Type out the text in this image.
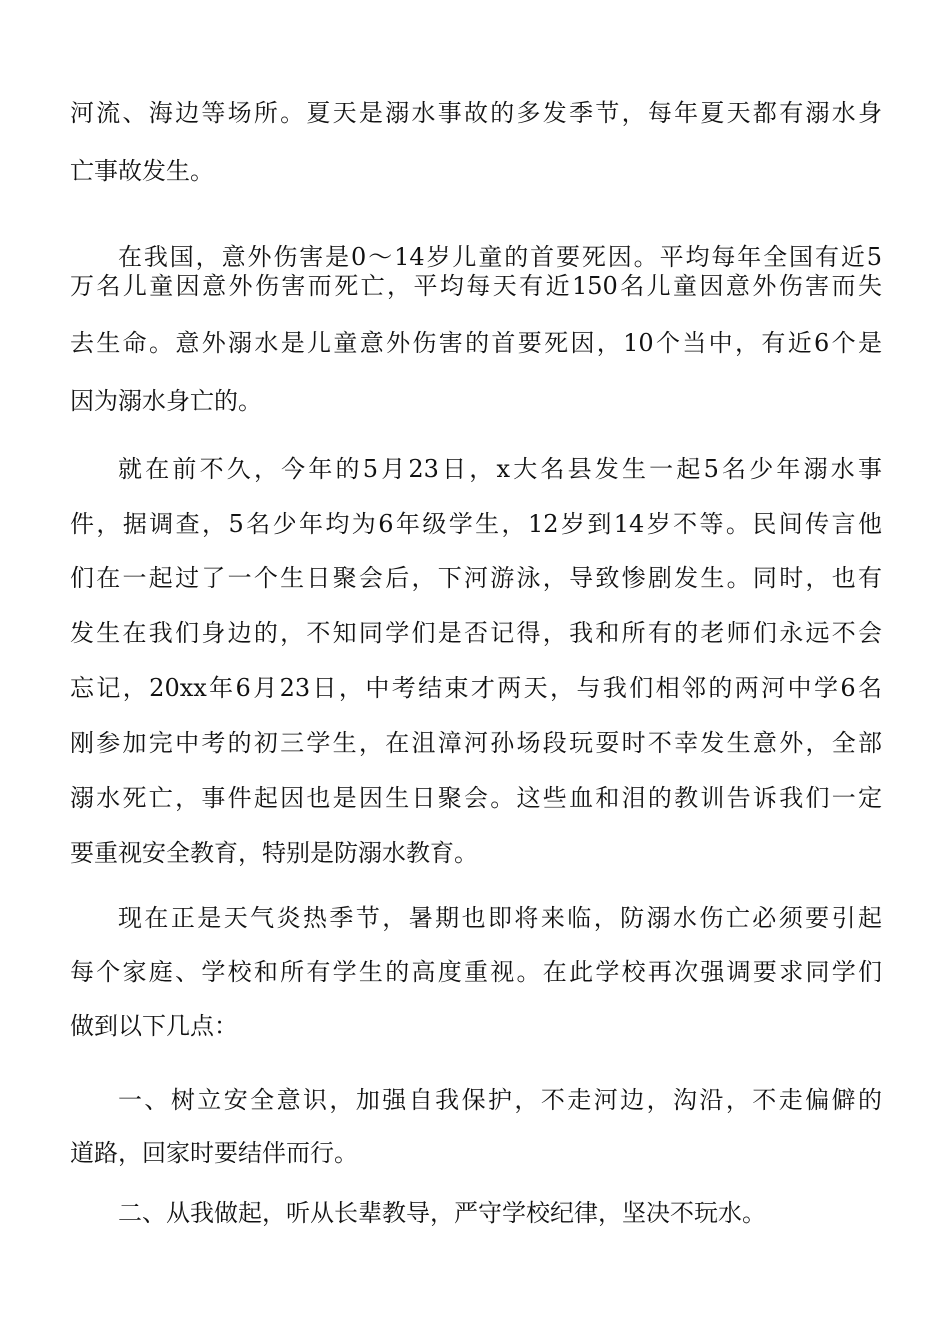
河流、海边等场所。夏天是溺水事故的多发季节，每年夏天都有溺水身

亡事故发生。

在我国，意外伤害是0～14岁儿童的首要死因。平均每年全国有近5

万名儿童因意外伤害而死亡，平均每天有近150名儿童因意外伤害而失

去生命。意外溺水是儿童意外伤害的首要死因，10个当中，有近6个是

因为溺水身亡的。

就在前不久，今年的5月23日，x大名县发生一起5名少年溺水事

件，据调查，5名少年均为6年级学生，12岁到14岁不等。民间传言他

们在一起过了一个生日聚会后，下河游泳，导致惨剧发生。同时，也有

发生在我们身边的，不知同学们是否记得，我和所有的老师们永远不会

忘记，20xx年6月23日，中考结束才两天，与我们相邻的两河中学6名

刚参加完中考的初三学生，在沮漳河孙场段玩耍时不幸发生意外，全部

溺水死亡，事件起因也是因生日聚会。这些血和泪的教训告诉我们一定

要重视安全教育，特别是防溺水教育。

现在正是天气炎热季节，暑期也即将来临，防溺水伤亡必须要引起

每个家庭、学校和所有学生的高度重视。在此学校再次强调要求同学们

做到以下几点：

一、树立安全意识，加强自我保护，不走河边，沟沿，不走偏僻的

道路，回家时要结伴而行。

二、从我做起，听从长辈教导，严守学校纪律，坚决不玩水。
